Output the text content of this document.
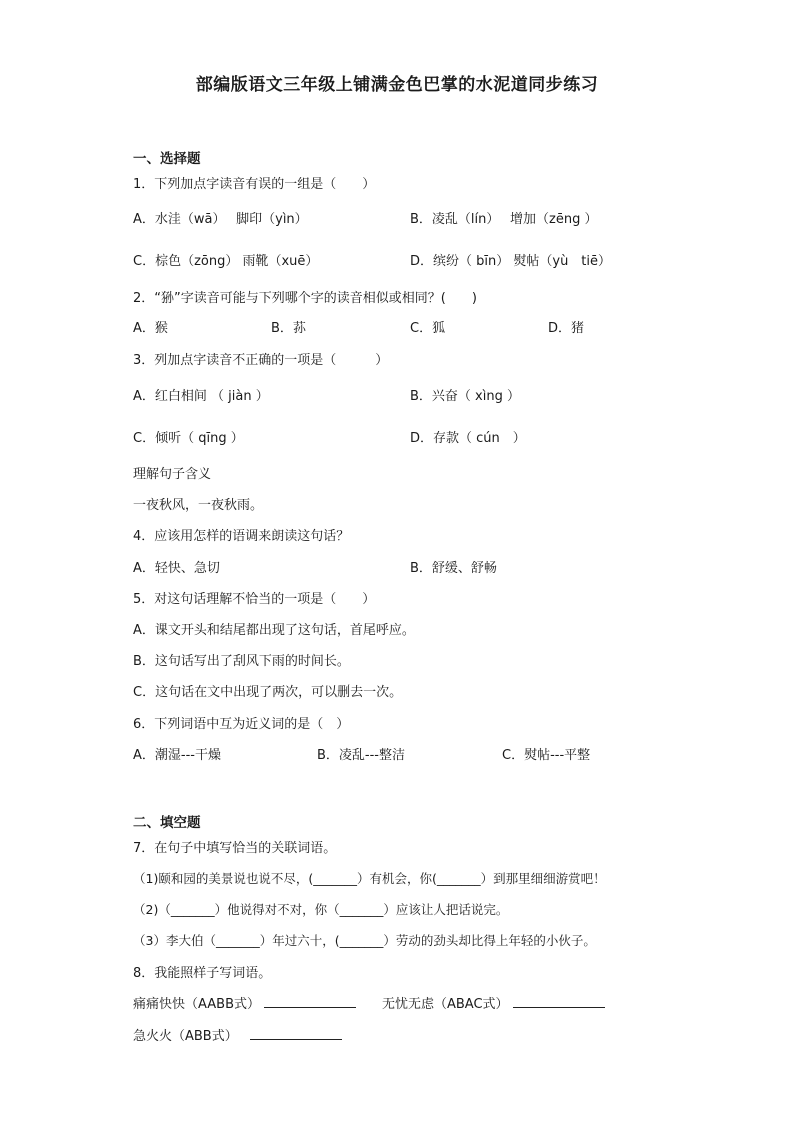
部编版语文三年级上铺满金色巴掌的水泥道同步练习
一、选择题
1．下列加点字读音有误的一组是（　　）
A．水洼（wā）　 脚印（yìn）	B．凌乱（lín）　 增加（zēng ）
C．棕色（zōng） 雨靴（xuē）	D．缤纷（ bīn） 熨帖（yù　tiē）
2．“狲”字读音可能与下列哪个字的读音相似或相同？(　　)
A．猴	B．荪	C．狐	D．猪
3．列加点字读音不正确的一项是（　　　）
A．红白相间 （ jiàn ）	B．兴奋（ xìng ）
C．倾听（ qīng ）	D．存款（ cún　）
理解句子含义
一夜秋风，一夜秋雨。
4．应该用怎样的语调来朗读这句话？
A．轻快、急切	B．舒缓、舒畅
5．对这句话理解不恰当的一项是（　　）
A．课文开头和结尾都出现了这句话，首尾呼应。
B．这句话写出了刮风下雨的时间长。
C．这句话在文中出现了两次，可以删去一次。
6．下列词语中互为近义词的是（　）
A．潮湿---干燥	B．凌乱---整洁	C．熨帖---平整
二、填空题
7．在句子中填写恰当的关联词语。
（1)颐和园的美景说也说不尽，(_______）有机会，你(_______）到那里细细游赏吧！
（2)（_______）他说得对不对，你（_______）应该让人把话说完。
（3）李大伯（_______）年过六十，(_______）劳动的劲头却比得上年轻的小伙子。
8．我能照样子写词语。
痛痛快快（AABB式）	无忧无虑（ABAC式）
急火火（ABB式）
